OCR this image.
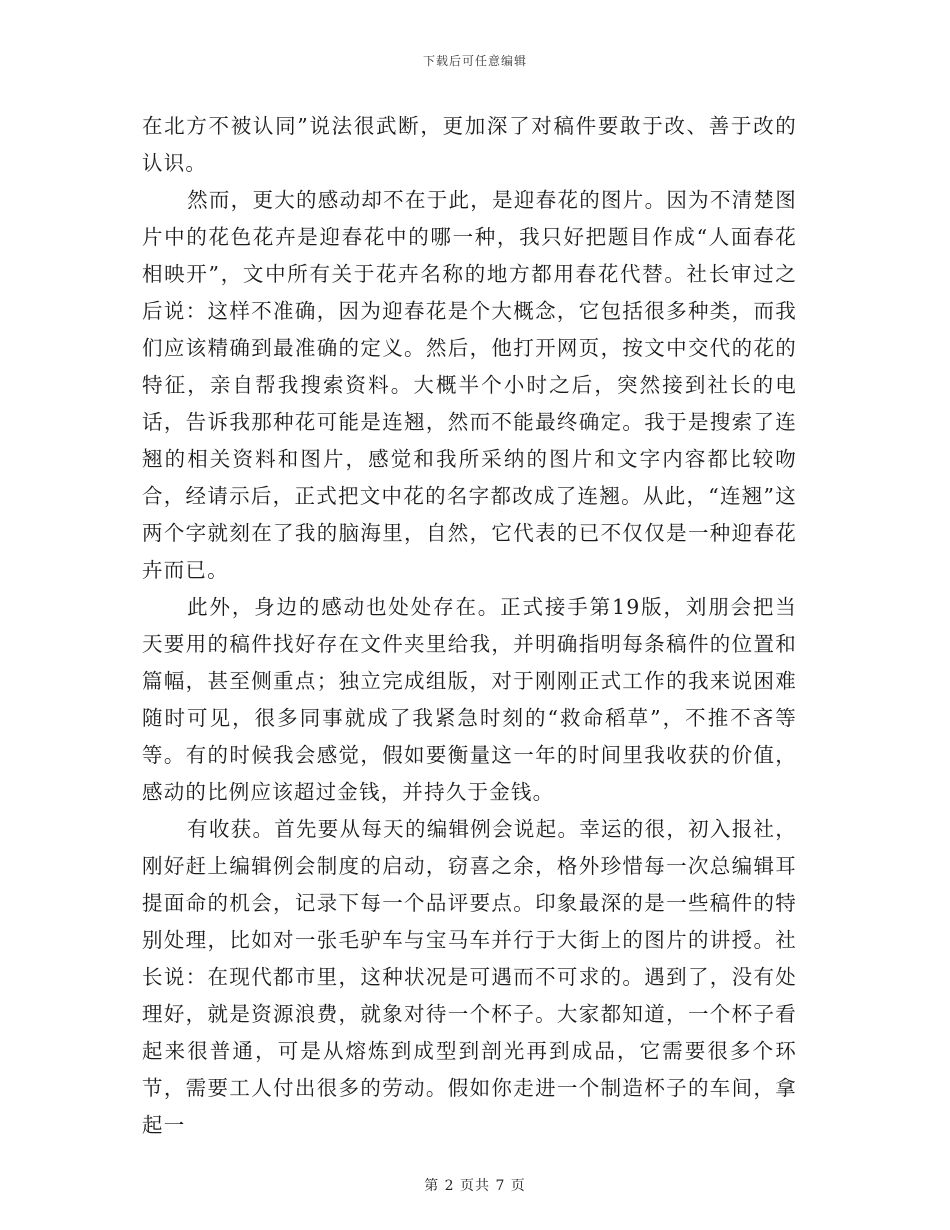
下载后可任意编辑

在北方不被认同”说法很武断，更加深了对稿件要敢于改、善于改的认识。

然而，更大的感动却不在于此，是迎春花的图片。因为不清楚图片中的花色花卉是迎春花中的哪一种，我只好把题目作成“人面春花相映开”，文中所有关于花卉名称的地方都用春花代替。社长审过之后说：这样不准确，因为迎春花是个大概念，它包括很多种类，而我们应该精确到最准确的定义。然后，他打开网页，按文中交代的花的特征，亲自帮我搜索资料。大概半个小时之后，突然接到社长的电话，告诉我那种花可能是连翘，然而不能最终确定。我于是搜索了连翘的相关资料和图片，感觉和我所采纳的图片和文字内容都比较吻合，经请示后，正式把文中花的名字都改成了连翘。从此，“连翘”这两个字就刻在了我的脑海里，自然，它代表的已不仅仅是一种迎春花卉而已。

此外，身边的感动也处处存在。正式接手第19版，刘朋会把当天要用的稿件找好存在文件夹里给我，并明确指明每条稿件的位置和篇幅，甚至侧重点；独立完成组版，对于刚刚正式工作的我来说困难随时可见，很多同事就成了我紧急时刻的“救命稻草”，不推不吝等等。有的时候我会感觉，假如要衡量这一年的时间里我收获的价值，感动的比例应该超过金钱，并持久于金钱。

有收获。首先要从每天的编辑例会说起。幸运的很，初入报社，刚好赶上编辑例会制度的启动，窃喜之余，格外珍惜每一次总编辑耳提面命的机会，记录下每一个品评要点。印象最深的是一些稿件的特别处理，比如对一张毛驴车与宝马车并行于大街上的图片的讲授。社长说：在现代都市里，这种状况是可遇而不可求的。遇到了，没有处理好，就是资源浪费，就象对待一个杯子。大家都知道，一个杯子看起来很普通，可是从熔炼到成型到剖光再到成品，它需要很多个环节，需要工人付出很多的劳动。假如你走进一个制造杯子的车间，拿起一

第 2 页共 7 页
